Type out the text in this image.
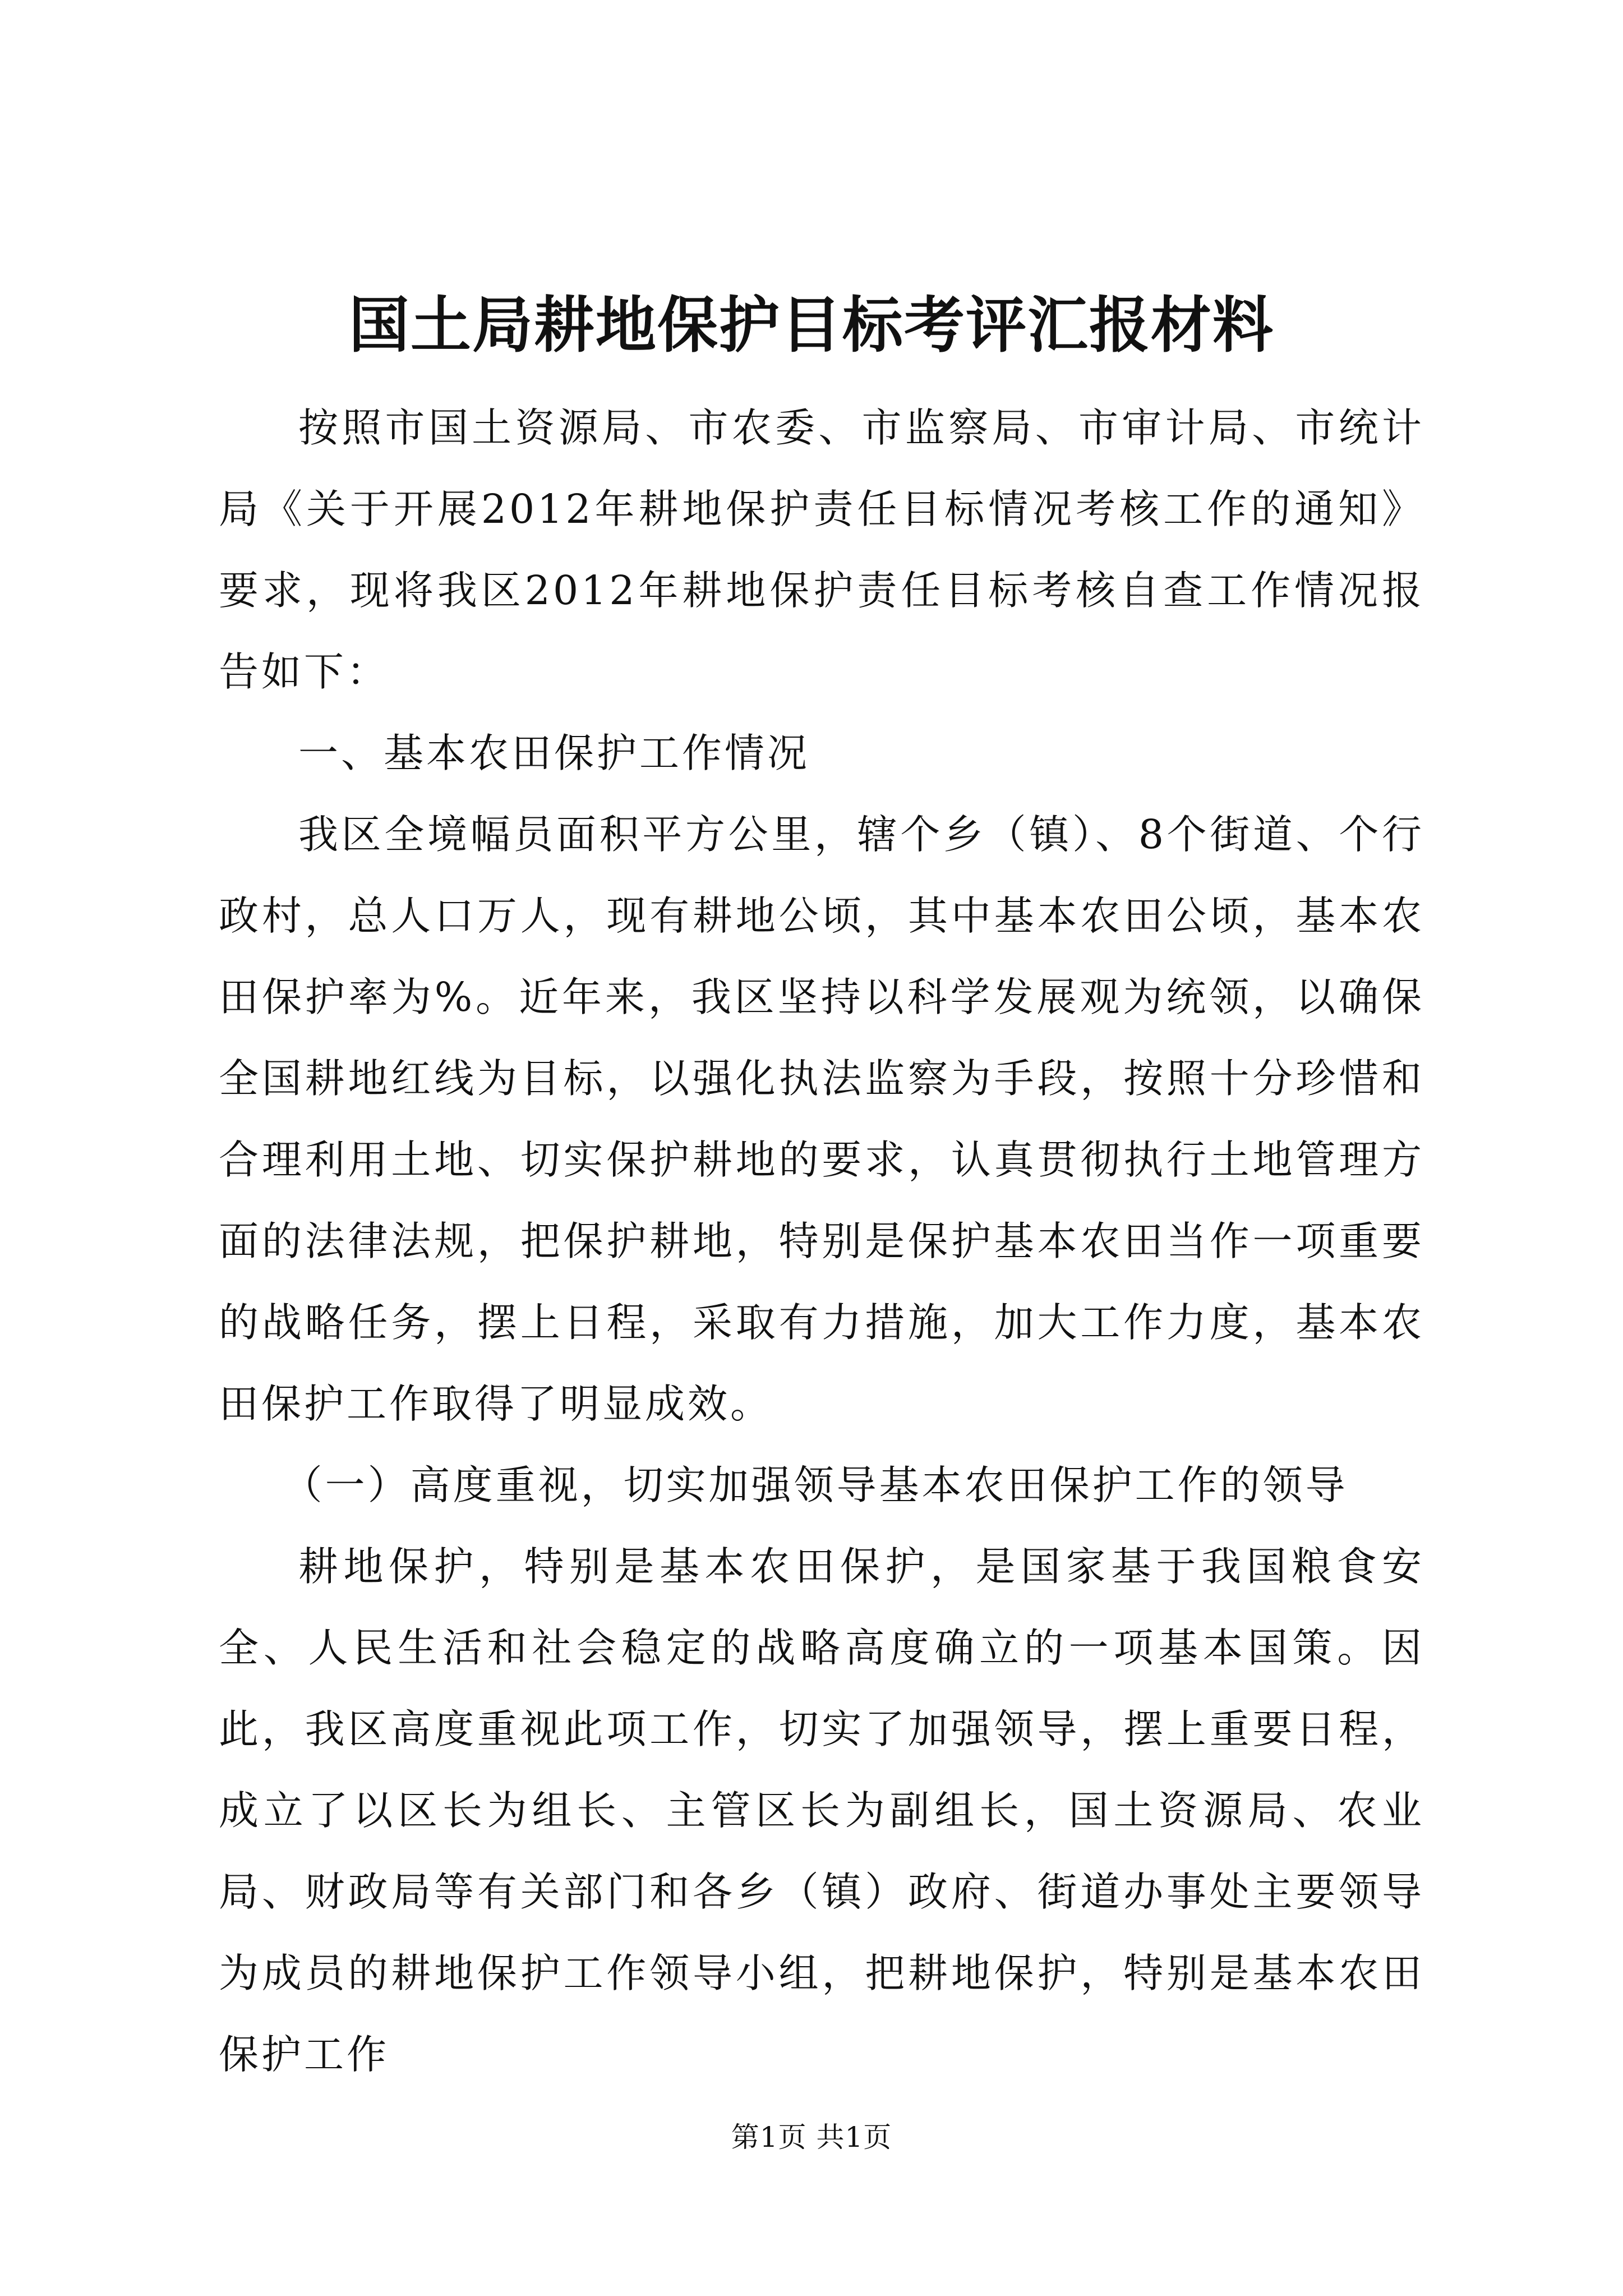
国土局耕地保护目标考评汇报材料

按照市国土资源局、市农委、市监察局、市审计局、市统计局《关于开展2012年耕地保护责任目标情况考核工作的通知》要求，现将我区2012年耕地保护责任目标考核自查工作情况报告如下：

一、基本农田保护工作情况

我区全境幅员面积平方公里，辖个乡（镇）、8个街道、个行政村，总人口万人，现有耕地公顷，其中基本农田公顷，基本农田保护率为%。近年来，我区坚持以科学发展观为统领，以确保全国耕地红线为目标，以强化执法监察为手段，按照十分珍惜和合理利用土地、切实保护耕地的要求，认真贯彻执行土地管理方面的法律法规，把保护耕地，特别是保护基本农田当作一项重要的战略任务，摆上日程，采取有力措施，加大工作力度，基本农田保护工作取得了明显成效。

（一）高度重视，切实加强领导基本农田保护工作的领导

耕地保护，特别是基本农田保护，是国家基于我国粮食安全、人民生活和社会稳定的战略高度确立的一项基本国策。因此，我区高度重视此项工作，切实了加强领导，摆上重要日程，成立了以区长为组长、主管区长为副组长，国土资源局、农业局、财政局等有关部门和各乡（镇）政府、街道办事处主要领导为成员的耕地保护工作领导小组，把耕地保护，特别是基本农田保护工作

第1页 共1页
